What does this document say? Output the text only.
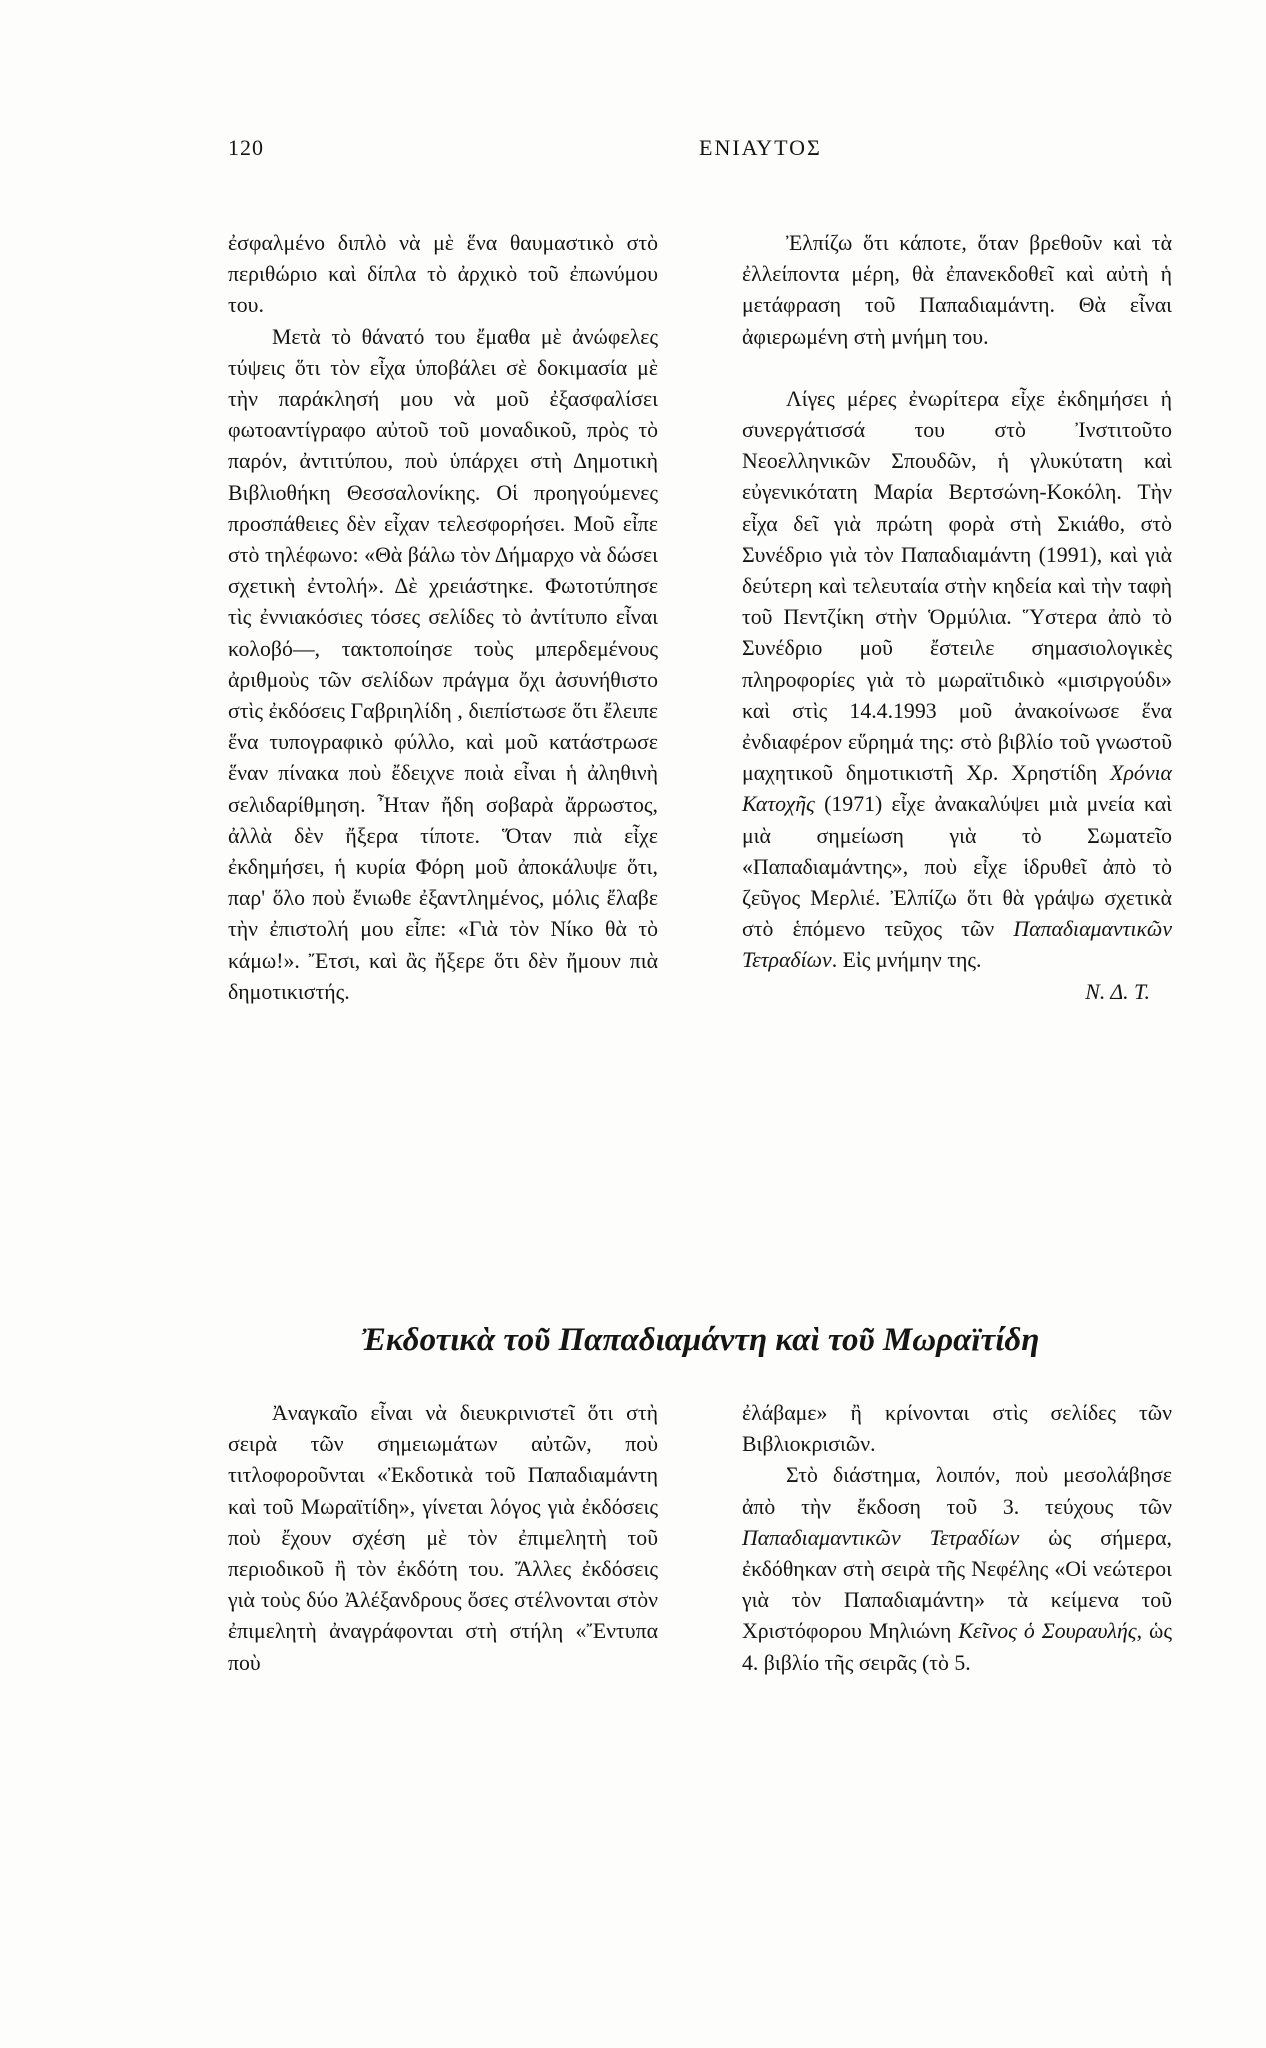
120	ΕΝΙΑΥΤΟΣ

ἐσφαλμένο διπλὸ νὰ μὲ ἕνα θαυμαστικὸ στὸ περιθώριο καὶ δίπλα τὸ ἀρχικὸ τοῦ ἐπωνύμου του.

Μετὰ τὸ θάνατό του ἔμαθα μὲ ἀνώφελες τύψεις ὅτι τὸν εἶχα ὑποβάλει σὲ δοκιμασία μὲ τὴν παράκλησή μου νὰ μοῦ ἐξασφαλίσει φωτοαντίγραφο αὐτοῦ τοῦ μοναδικοῦ, πρὸς τὸ παρόν, ἀντιτύπου, ποὺ ὑπάρχει στὴ Δημοτικὴ Βιβλιοθήκη Θεσσαλονίκης. Οἱ προηγούμενες προσπάθειες δὲν εἶχαν τελεσφορήσει. Μοῦ εἶπε στὸ τηλέφωνο: «Θὰ βάλω τὸν Δήμαρχο νὰ δώσει σχετικὴ ἐντολή». Δὲ χρειάστηκε. Φωτοτύπησε τὶς ἐννιακόσιες τόσες σελίδες τὸ ἀντίτυπο εἶναι κολοβό—, τακτοποίησε τοὺς μπερδεμένους ἀριθμοὺς τῶν σελίδων πράγμα ὄχι ἀσυνήθιστο στὶς ἐκδόσεις Γαβριηλίδη , διεπίστωσε ὅτι ἔλειπε ἕνα τυπογραφικὸ φύλλο, καὶ μοῦ κατάστρωσε ἕναν πίνακα ποὺ ἔδειχνε ποιὰ εἶναι ἡ ἀληθινὴ σελιδαρίθμηση. Ἦταν ἤδη σοβαρὰ ἄρρωστος, ἀλλὰ δὲν ἤξερα τίποτε. Ὅταν πιὰ εἶχε ἐκδημήσει, ἡ κυρία Φόρη μοῦ ἀποκάλυψε ὅτι, παρ' ὅλο ποὺ ἔνιωθε ἐξαντλημένος, μόλις ἔλαβε τὴν ἐπιστολή μου εἶπε: «Γιὰ τὸν Νίκο θὰ τὸ κάμω!». Ἔτσι, καὶ ἂς ἤξερε ὅτι δὲν ἤμουν πιὰ δημοτικιστής.

Ἐλπίζω ὅτι κάποτε, ὅταν βρεθοῦν καὶ τὰ ἐλλείποντα μέρη, θὰ ἐπανεκδοθεῖ καὶ αὐτὴ ἡ μετάφραση τοῦ Παπαδιαμάντη. Θὰ εἶναι ἀφιερωμένη στὴ μνήμη του.

Λίγες μέρες ἐνωρίτερα εἶχε ἐκδημήσει ἡ συνεργάτισσά του στὸ Ἰνστιτοῦτο Νεοελληνικῶν Σπουδῶν, ἡ γλυκύτατη καὶ εὐγενικότατη Μαρία Βερτσώνη-Κοκόλη. Τὴν εἶχα δεῖ γιὰ πρώτη φορὰ στὴ Σκιάθο, στὸ Συνέδριο γιὰ τὸν Παπαδιαμάντη (1991), καὶ γιὰ δεύτερη καὶ τελευταία στὴν κηδεία καὶ τὴν ταφὴ τοῦ Πεντζίκη στὴν Ὁρμύλια. Ὕστερα ἀπὸ τὸ Συνέδριο μοῦ ἔστειλε σημασιολογικὲς πληροφορίες γιὰ τὸ μωραϊτιδικὸ «μισιργούδι» καὶ στὶς 14.4.1993 μοῦ ἀνακοίνωσε ἕνα ἐνδιαφέρον εὕρημά της: στὸ βιβλίο τοῦ γνωστοῦ μαχητικοῦ δημοτικιστῆ Χρ. Χρηστίδη Χρόνια Κατοχῆς (1971) εἶχε ἀνακαλύψει μιὰ μνεία καὶ μιὰ σημείωση γιὰ τὸ Σωματεῖο «Παπαδιαμάντης», ποὺ εἶχε ἱδρυθεῖ ἀπὸ τὸ ζεῦγος Μερλιέ. Ἐλπίζω ὅτι θὰ γράψω σχετικὰ στὸ ἑπόμενο τεῦχος τῶν Παπαδιαμαντικῶν Τετραδίων. Εἰς μνήμην της.

Ν. Δ. Τ.

Ἐκδοτικὰ τοῦ Παπαδιαμάντη καὶ τοῦ Μωραϊτίδη

Ἀναγκαῖο εἶναι νὰ διευκρινιστεῖ ὅτι στὴ σειρὰ τῶν σημειωμάτων αὐτῶν, ποὺ τιτλοφοροῦνται «Ἐκδοτικὰ τοῦ Παπαδιαμάντη καὶ τοῦ Μωραϊτίδη», γίνεται λόγος γιὰ ἐκδόσεις ποὺ ἔχουν σχέση μὲ τὸν ἐπιμελητὴ τοῦ περιοδικοῦ ἢ τὸν ἐκδότη του. Ἄλλες ἐκδόσεις γιὰ τοὺς δύο Ἀλέξανδρους ὅσες στέλνονται στὸν ἐπιμελητὴ ἀναγράφονται στὴ στήλη «Ἔντυπα ποὺ

ἐλάβαμε» ἢ κρίνονται στὶς σελίδες τῶν Βιβλιοκρισιῶν.

Στὸ διάστημα, λοιπόν, ποὺ μεσολάβησε ἀπὸ τὴν ἔκδοση τοῦ 3. τεύχους τῶν Παπαδιαμαντικῶν Τετραδίων ὡς σήμερα, ἐκδόθηκαν στὴ σειρὰ τῆς Νεφέλης «Οἱ νεώτεροι γιὰ τὸν Παπαδιαμάντη» τὰ κείμενα τοῦ Χριστόφορου Μηλιώνη Κεῖνος ὁ Σουραυλής, ὡς 4. βιβλίο τῆς σειρᾶς (τὸ 5.
